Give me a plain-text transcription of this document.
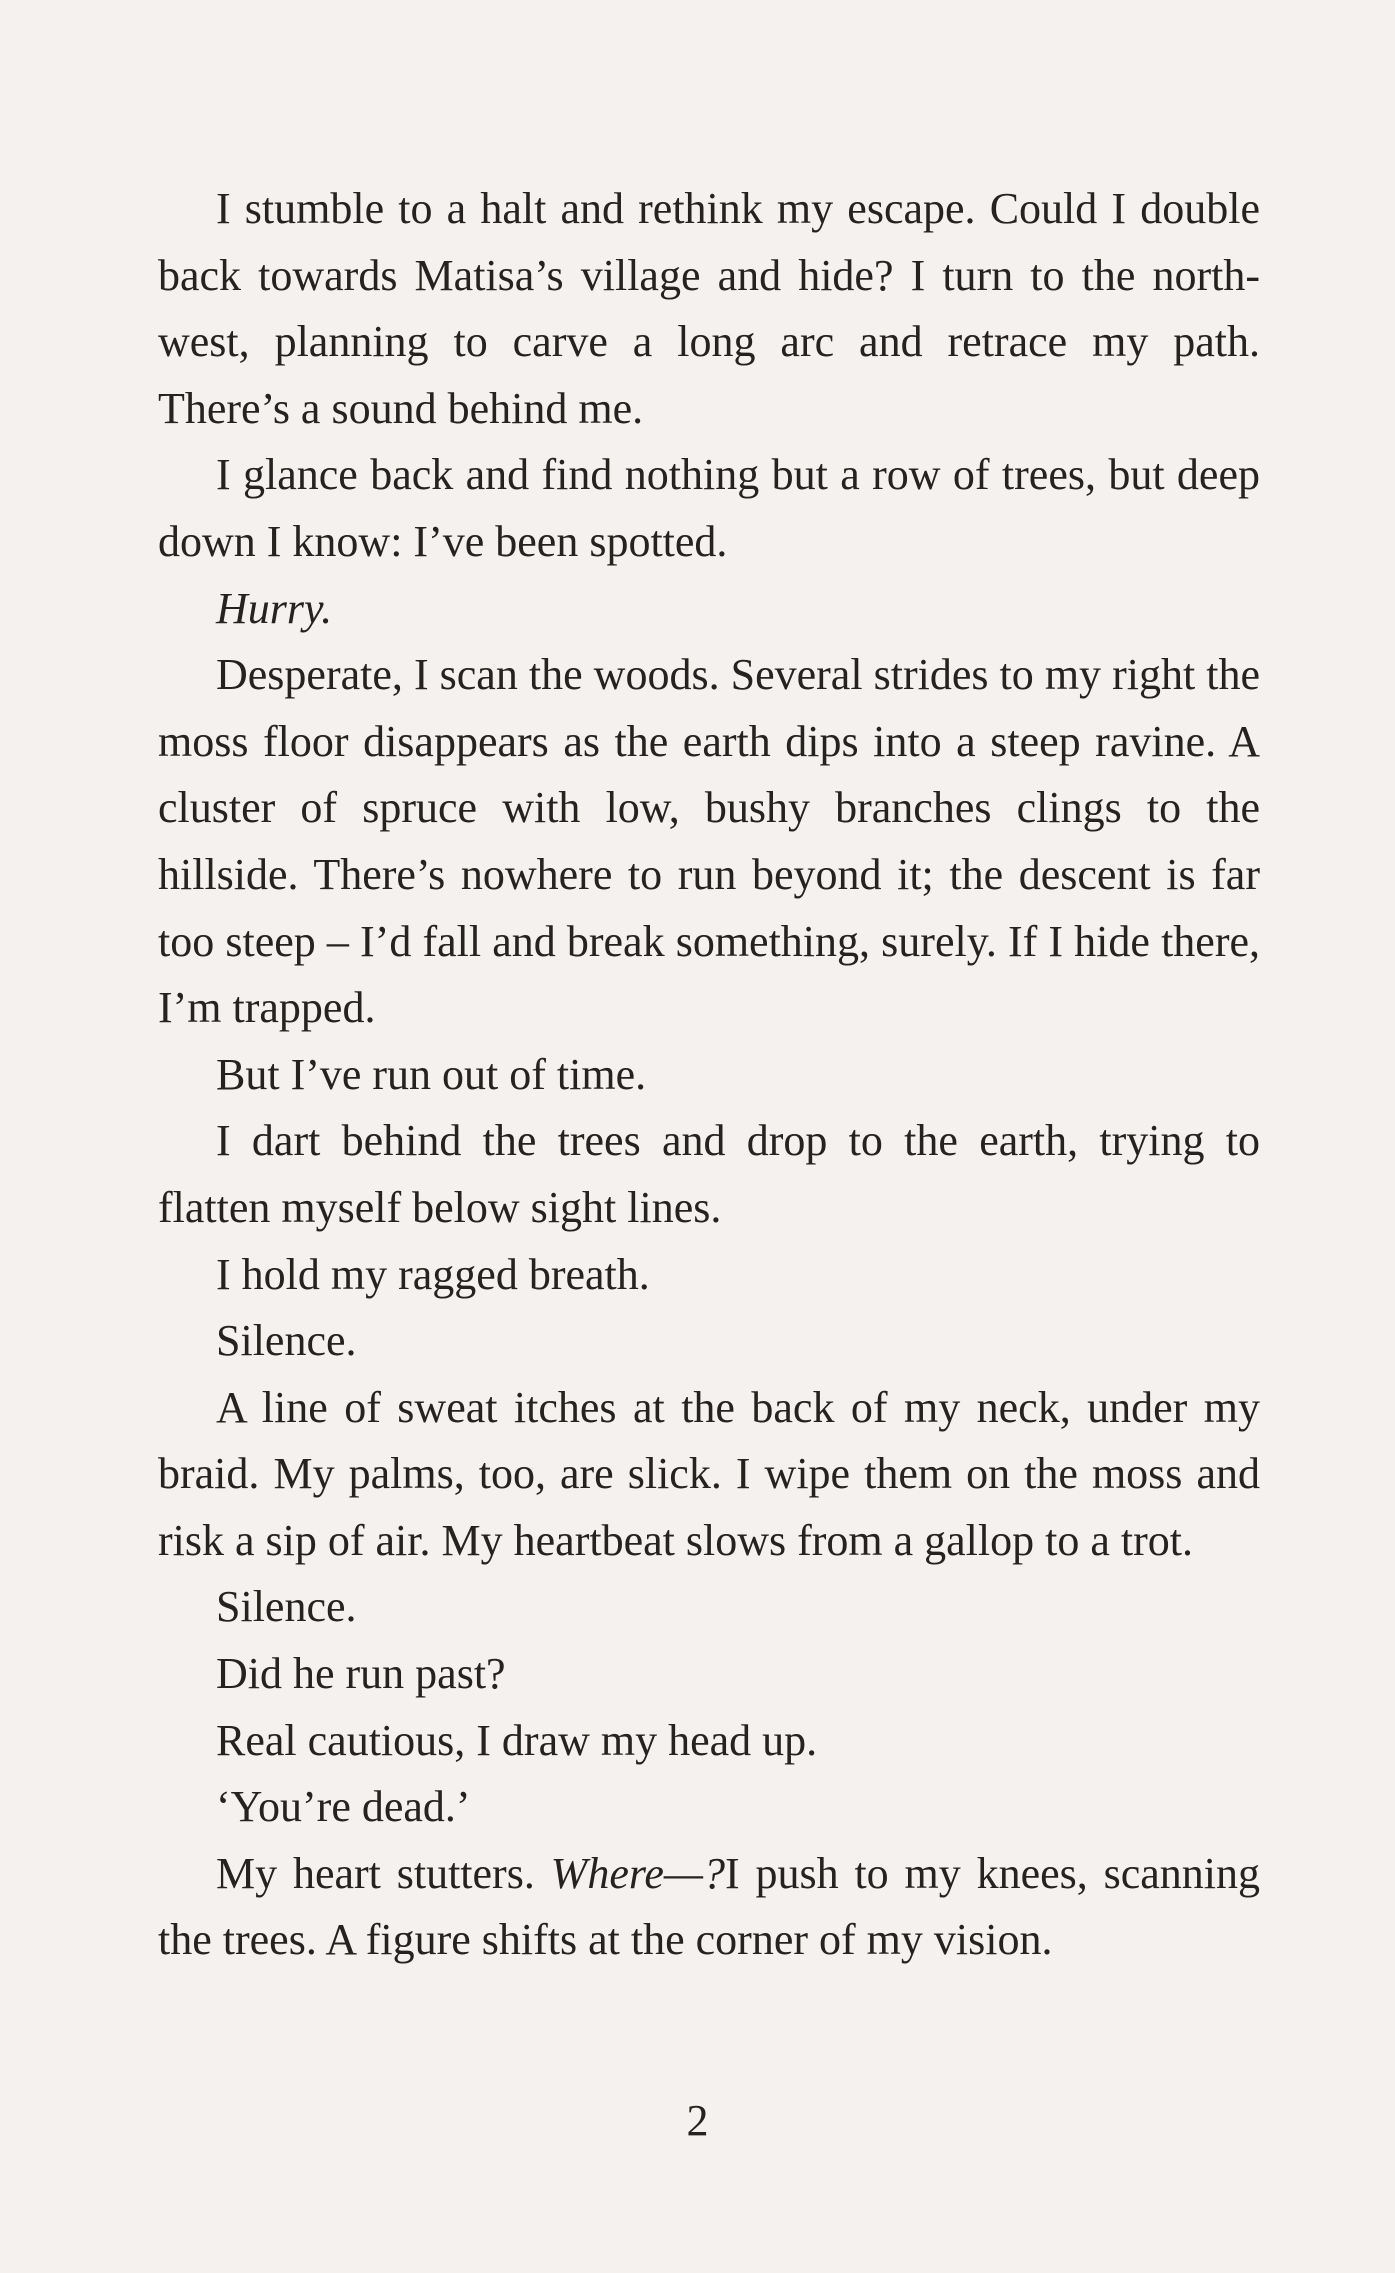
I stumble to a halt and rethink my escape. Could I double back towards Matisa’s village and hide? I turn to the north-west, planning to carve a long arc and retrace my path. There’s a sound behind me.

I glance back and find nothing but a row of trees, but deep down I know: I’ve been spotted.

Hurry.

Desperate, I scan the woods. Several strides to my right the moss floor disappears as the earth dips into a steep ravine. A cluster of spruce with low, bushy branches clings to the hillside. There’s nowhere to run beyond it; the descent is far too steep – I’d fall and break something, surely. If I hide there, I’m trapped.

But I’ve run out of time.

I dart behind the trees and drop to the earth, trying to flatten myself below sight lines.

I hold my ragged breath.

Silence.

A line of sweat itches at the back of my neck, under my braid. My palms, too, are slick. I wipe them on the moss and risk a sip of air. My heartbeat slows from a gallop to a trot.

Silence.

Did he run past?

Real cautious, I draw my head up.

‘You’re dead.’

My heart stutters. Where—?I push to my knees, scanning the trees. A figure shifts at the corner of my vision.

2
